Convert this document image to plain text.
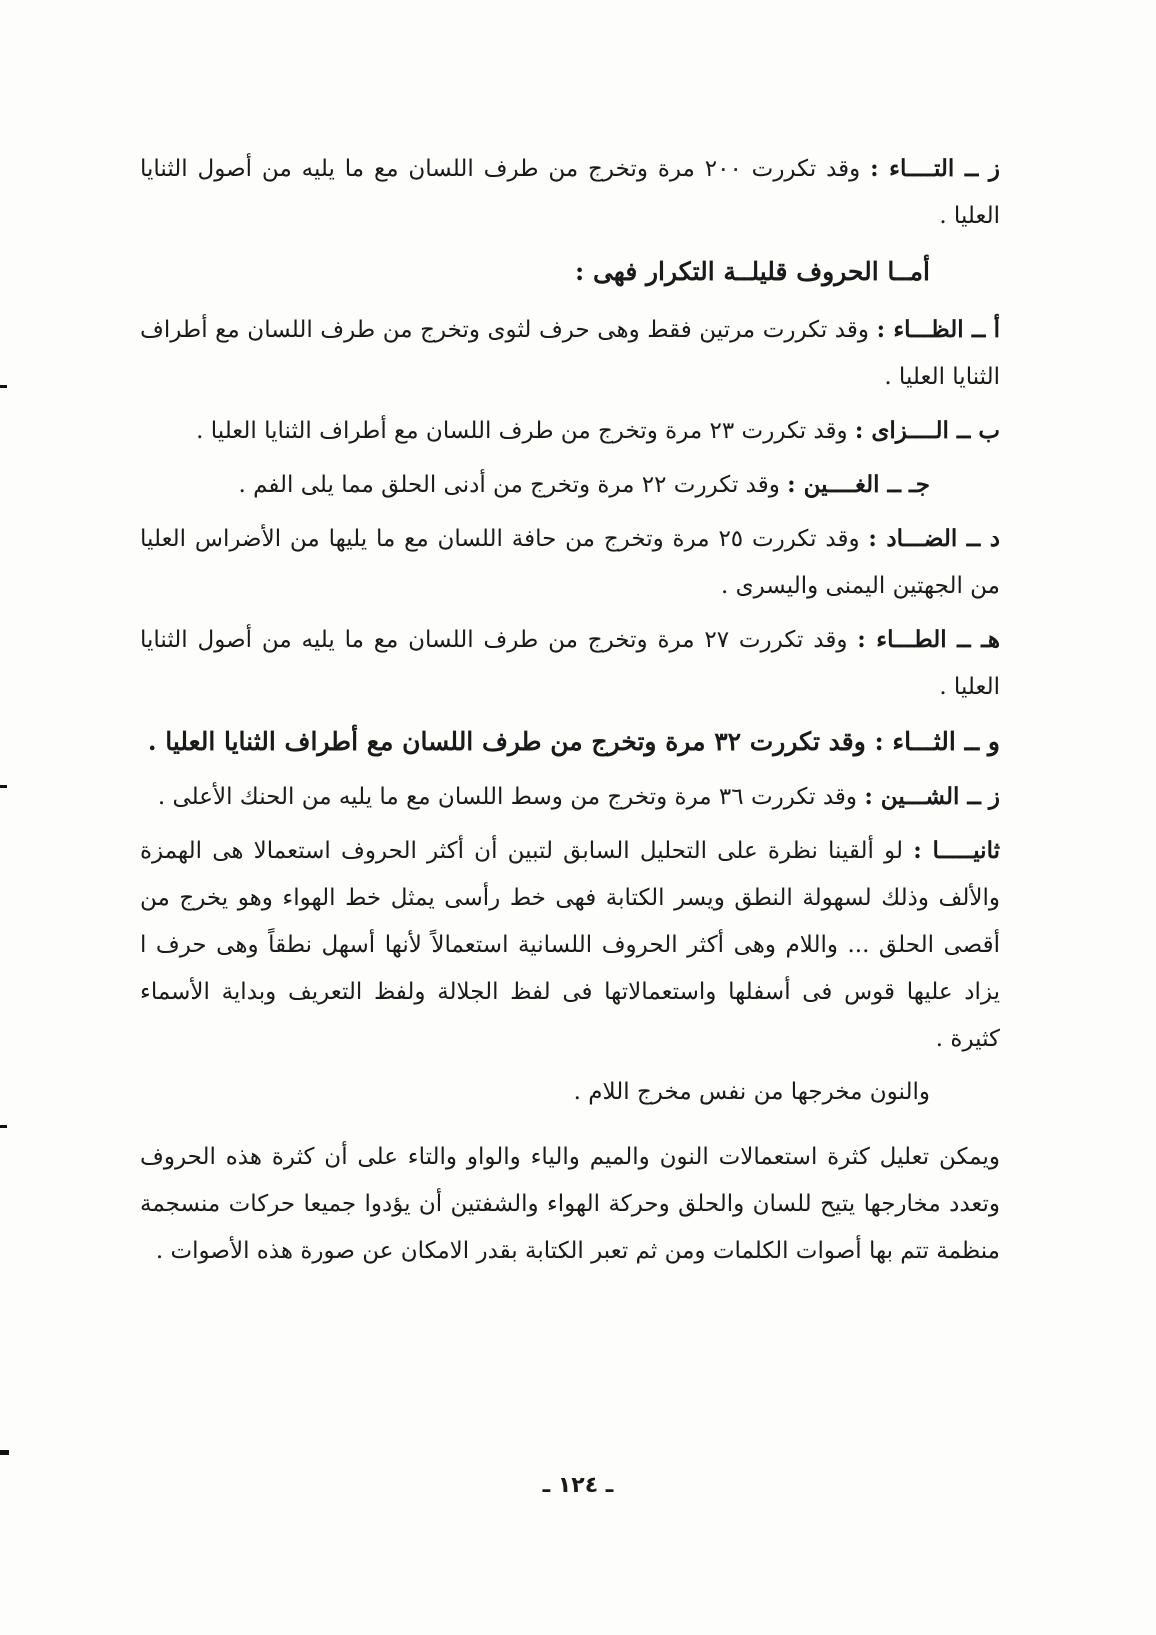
ز ــ التــــاء : وقد تكررت ٢٠٠ مرة وتخرج من طرف اللسان مع ما يليه من أصول الثنايا العليا .

أمــا الحروف قليلــة التكرار فهى :

أ ــ الظـــاء : وقد تكررت مرتين فقط وهى حرف لثوى وتخرج من طرف اللسان مع أطراف الثنايا العليا .

ب ــ الــــزاى : وقد تكررت ٢٣ مرة وتخرج من طرف اللسان مع أطراف الثنايا العليا .

جـ ــ الغــــين : وقد تكررت ٢٢ مرة وتخرج من أدنى الحلق مما يلى الفم .

د ــ الضـــاد : وقد تكررت ٢٥ مرة وتخرج من حافة اللسان مع ما يليها من الأضراس العليا من الجهتين اليمنى واليسرى .

هـ ــ الطـــاء : وقد تكررت ٢٧ مرة وتخرج من طرف اللسان مع ما يليه من أصول الثنايا العليا .

و ــ الثـــاء : وقد تكررت ٣٢ مرة وتخرج من طرف اللسان مع أطراف الثنايا العليا .

ز ــ الشـــين : وقد تكررت ٣٦ مرة وتخرج من وسط اللسان مع ما يليه من الحنك الأعلى .

ثانيـــــا : لو ألقينا نظرة على التحليل السابق لتبين أن أكثر الحروف استعمالا هى الهمزة والألف وذلك لسهولة النطق ويسر الكتابة فهى خط رأسى يمثل خط الهواء وهو يخرج من أقصى الحلق ... واللام وهى أكثر الحروف اللسانية استعمالاً لأنها أسهل نطقاً وهى حرف ا يزاد عليها قوس فى أسفلها واستعمالاتها فى لفظ الجلالة ولفظ التعريف وبداية الأسماء كثيرة .

والنون مخرجها من نفس مخرج اللام .

ويمكن تعليل كثرة استعمالات النون والميم والياء والواو والتاء على أن كثرة هذه الحروف وتعدد مخارجها يتيح للسان والحلق وحركة الهواء والشفتين أن يؤدوا جميعا حركات منسجمة منظمة تتم بها أصوات الكلمات ومن ثم تعبر الكتابة بقدر الامكان عن صورة هذه الأصوات .

ـ ١٢٤ ـ
